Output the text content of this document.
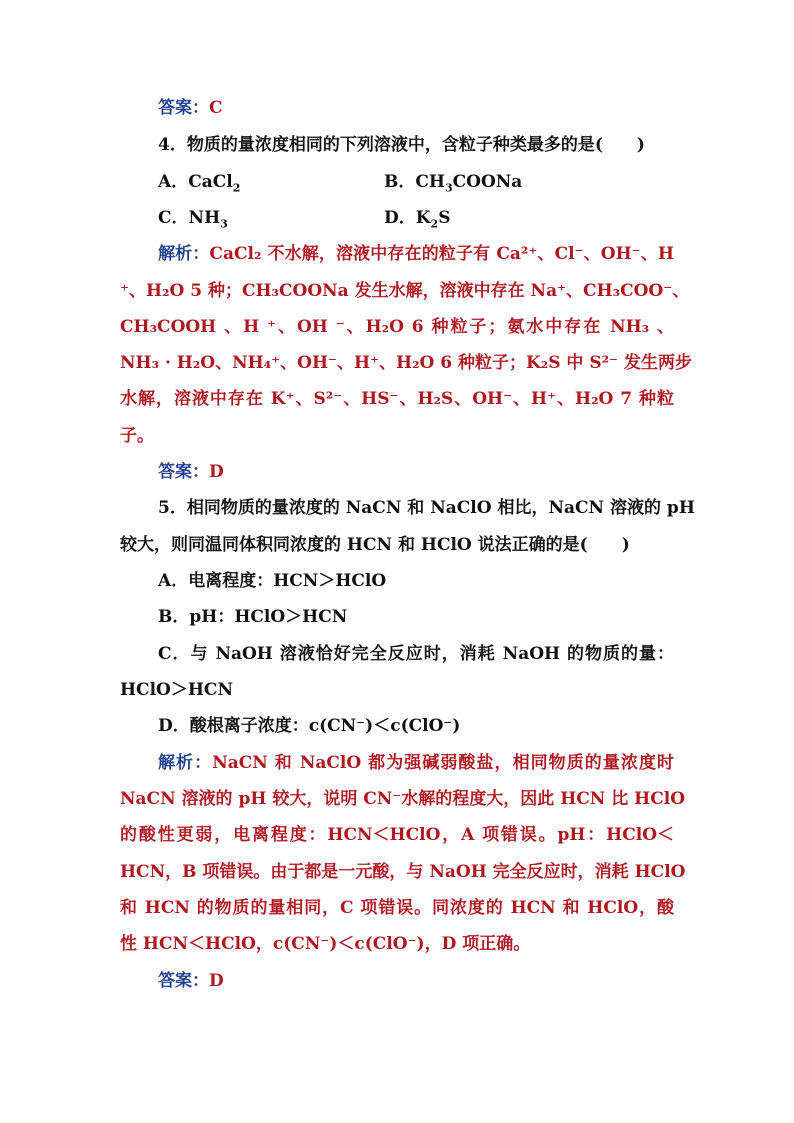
答案：C
4．物质的量浓度相同的下列溶液中，含粒子种类最多的是(　　)
A．CaCl$_2$	B．$CH_3COONa$
C．$NH_3$	D．$K_2S$
解析：CaCl₂ 不水解，溶液中存在的粒子有 Ca²⁺、Cl⁻、OH⁻、H
⁺、H₂O 5 种；CH₃COONa 发生水解，溶液中存在 Na⁺、CH₃COO⁻、
CH₃COOH 、H ⁺、OH ⁻、H₂O 6 种粒子；氨水中存在 NH₃ 、
NH₃ · H₂O、NH₄⁺、OH⁻、H⁺、H₂O 6 种粒子；K₂S 中 S²⁻ 发生两步
水解，溶液中存在 K⁺、S²⁻、HS⁻、H₂S、OH⁻、H⁺、H₂O 7 种粒
子。
答案：D
5．相同物质的量浓度的 NaCN 和 NaClO 相比，NaCN 溶液的 pH
较大，则同温同体积同浓度的 HCN 和 HClO 说法正确的是(　　)
A．电离程度：HCN＞HClO
B．pH：HClO＞HCN
C．与 NaOH 溶液恰好完全反应时，消耗 NaOH 的物质的量：
HClO＞HCN
D．酸根离子浓度：c(CN⁻)＜c(ClO⁻)
解析：NaCN 和 NaClO 都为强碱弱酸盐，相同物质的量浓度时
NaCN 溶液的 pH 较大，说明 CN⁻水解的程度大，因此 HCN 比 HClO
的酸性更弱，电离程度：HCN＜HClO，A 项错误。pH：HClO＜
HCN，B 项错误。由于都是一元酸，与 NaOH 完全反应时，消耗 HClO
和 HCN 的物质的量相同，C 项错误。同浓度的 HCN 和 HClO，酸
性 HCN＜HClO，c(CN⁻)＜c(ClO⁻)，D 项正确。
答案：D
